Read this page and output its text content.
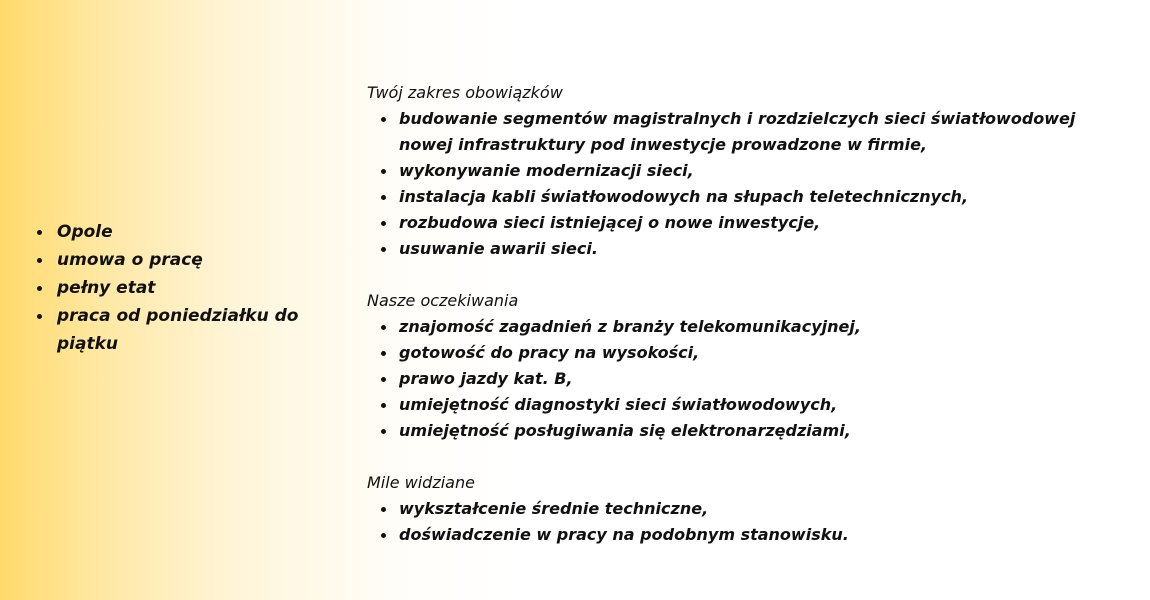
Opole
umowa o pracę
pełny etat
praca od poniedziałku do piątku
Twój zakres obowiązków
budowanie segmentów magistralnych i rozdzielczych sieci światłowodowej nowej infrastruktury pod inwestycje prowadzone w firmie,
wykonywanie modernizacji sieci,
instalacja kabli światłowodowych na słupach teletechnicznych,
rozbudowa sieci istniejącej o nowe inwestycje,
usuwanie awarii sieci.
Nasze oczekiwania
znajomość zagadnień z branży telekomunikacyjnej,
gotowość do pracy na wysokości,
prawo jazdy kat. B,
umiejętność diagnostyki sieci światłowodowych,
umiejętność posługiwania się elektronarzędziami,
Mile widziane
wykształcenie średnie techniczne,
doświadczenie w pracy na podobnym stanowisku.
